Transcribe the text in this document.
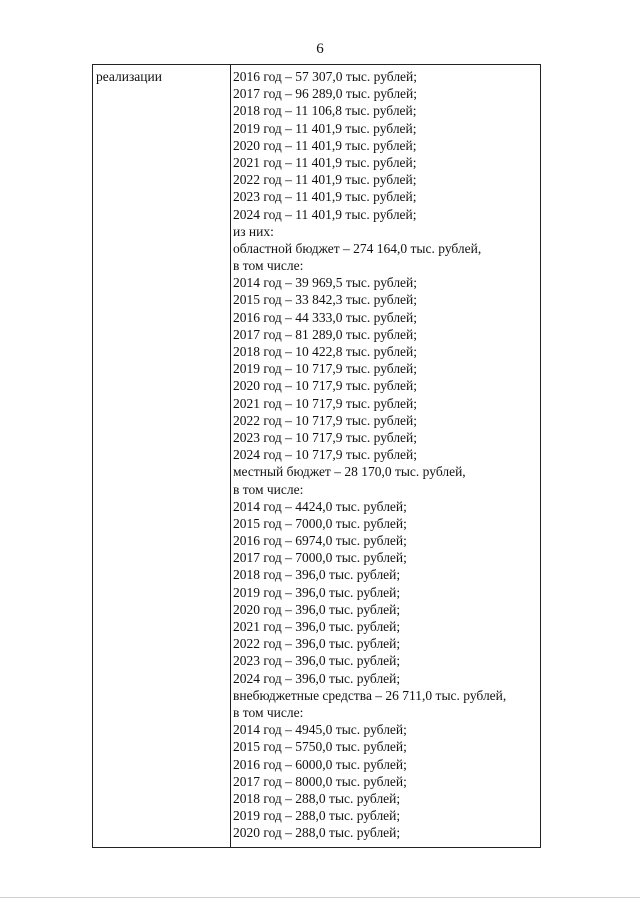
6
реализации	2016 год – 57 307,0 тыс. рублей;
2017 год – 96 289,0 тыс. рублей;
2018 год – 11 106,8 тыс. рублей;
2019 год – 11 401,9 тыс. рублей;
2020 год – 11 401,9 тыс. рублей;
2021 год – 11 401,9 тыс. рублей;
2022 год – 11 401,9 тыс. рублей;
2023 год – 11 401,9 тыс. рублей;
2024 год – 11 401,9 тыс. рублей;
из них:
областной бюджет – 274 164,0 тыс. рублей,
в том числе:
2014 год – 39 969,5 тыс. рублей;
2015 год – 33 842,3 тыс. рублей;
2016 год – 44 333,0 тыс. рублей;
2017 год – 81 289,0 тыс. рублей;
2018 год – 10 422,8 тыс. рублей;
2019 год – 10 717,9 тыс. рублей;
2020 год – 10 717,9 тыс. рублей;
2021 год – 10 717,9 тыс. рублей;
2022 год – 10 717,9 тыс. рублей;
2023 год – 10 717,9 тыс. рублей;
2024 год – 10 717,9 тыс. рублей;
местный бюджет – 28 170,0 тыс. рублей,
в том числе:
2014 год – 4424,0 тыс. рублей;
2015 год – 7000,0 тыс. рублей;
2016 год – 6974,0 тыс. рублей;
2017 год – 7000,0 тыс. рублей;
2018 год – 396,0 тыс. рублей;
2019 год – 396,0 тыс. рублей;
2020 год – 396,0 тыс. рублей;
2021 год – 396,0 тыс. рублей;
2022 год – 396,0 тыс. рублей;
2023 год – 396,0 тыс. рублей;
2024 год – 396,0 тыс. рублей;
внебюджетные средства – 26 711,0 тыс. рублей,
в том числе:
2014 год – 4945,0 тыс. рублей;
2015 год – 5750,0 тыс. рублей;
2016 год – 6000,0 тыс. рублей;
2017 год – 8000,0 тыс. рублей;
2018 год – 288,0 тыс. рублей;
2019 год – 288,0 тыс. рублей;
2020 год – 288,0 тыс. рублей;
